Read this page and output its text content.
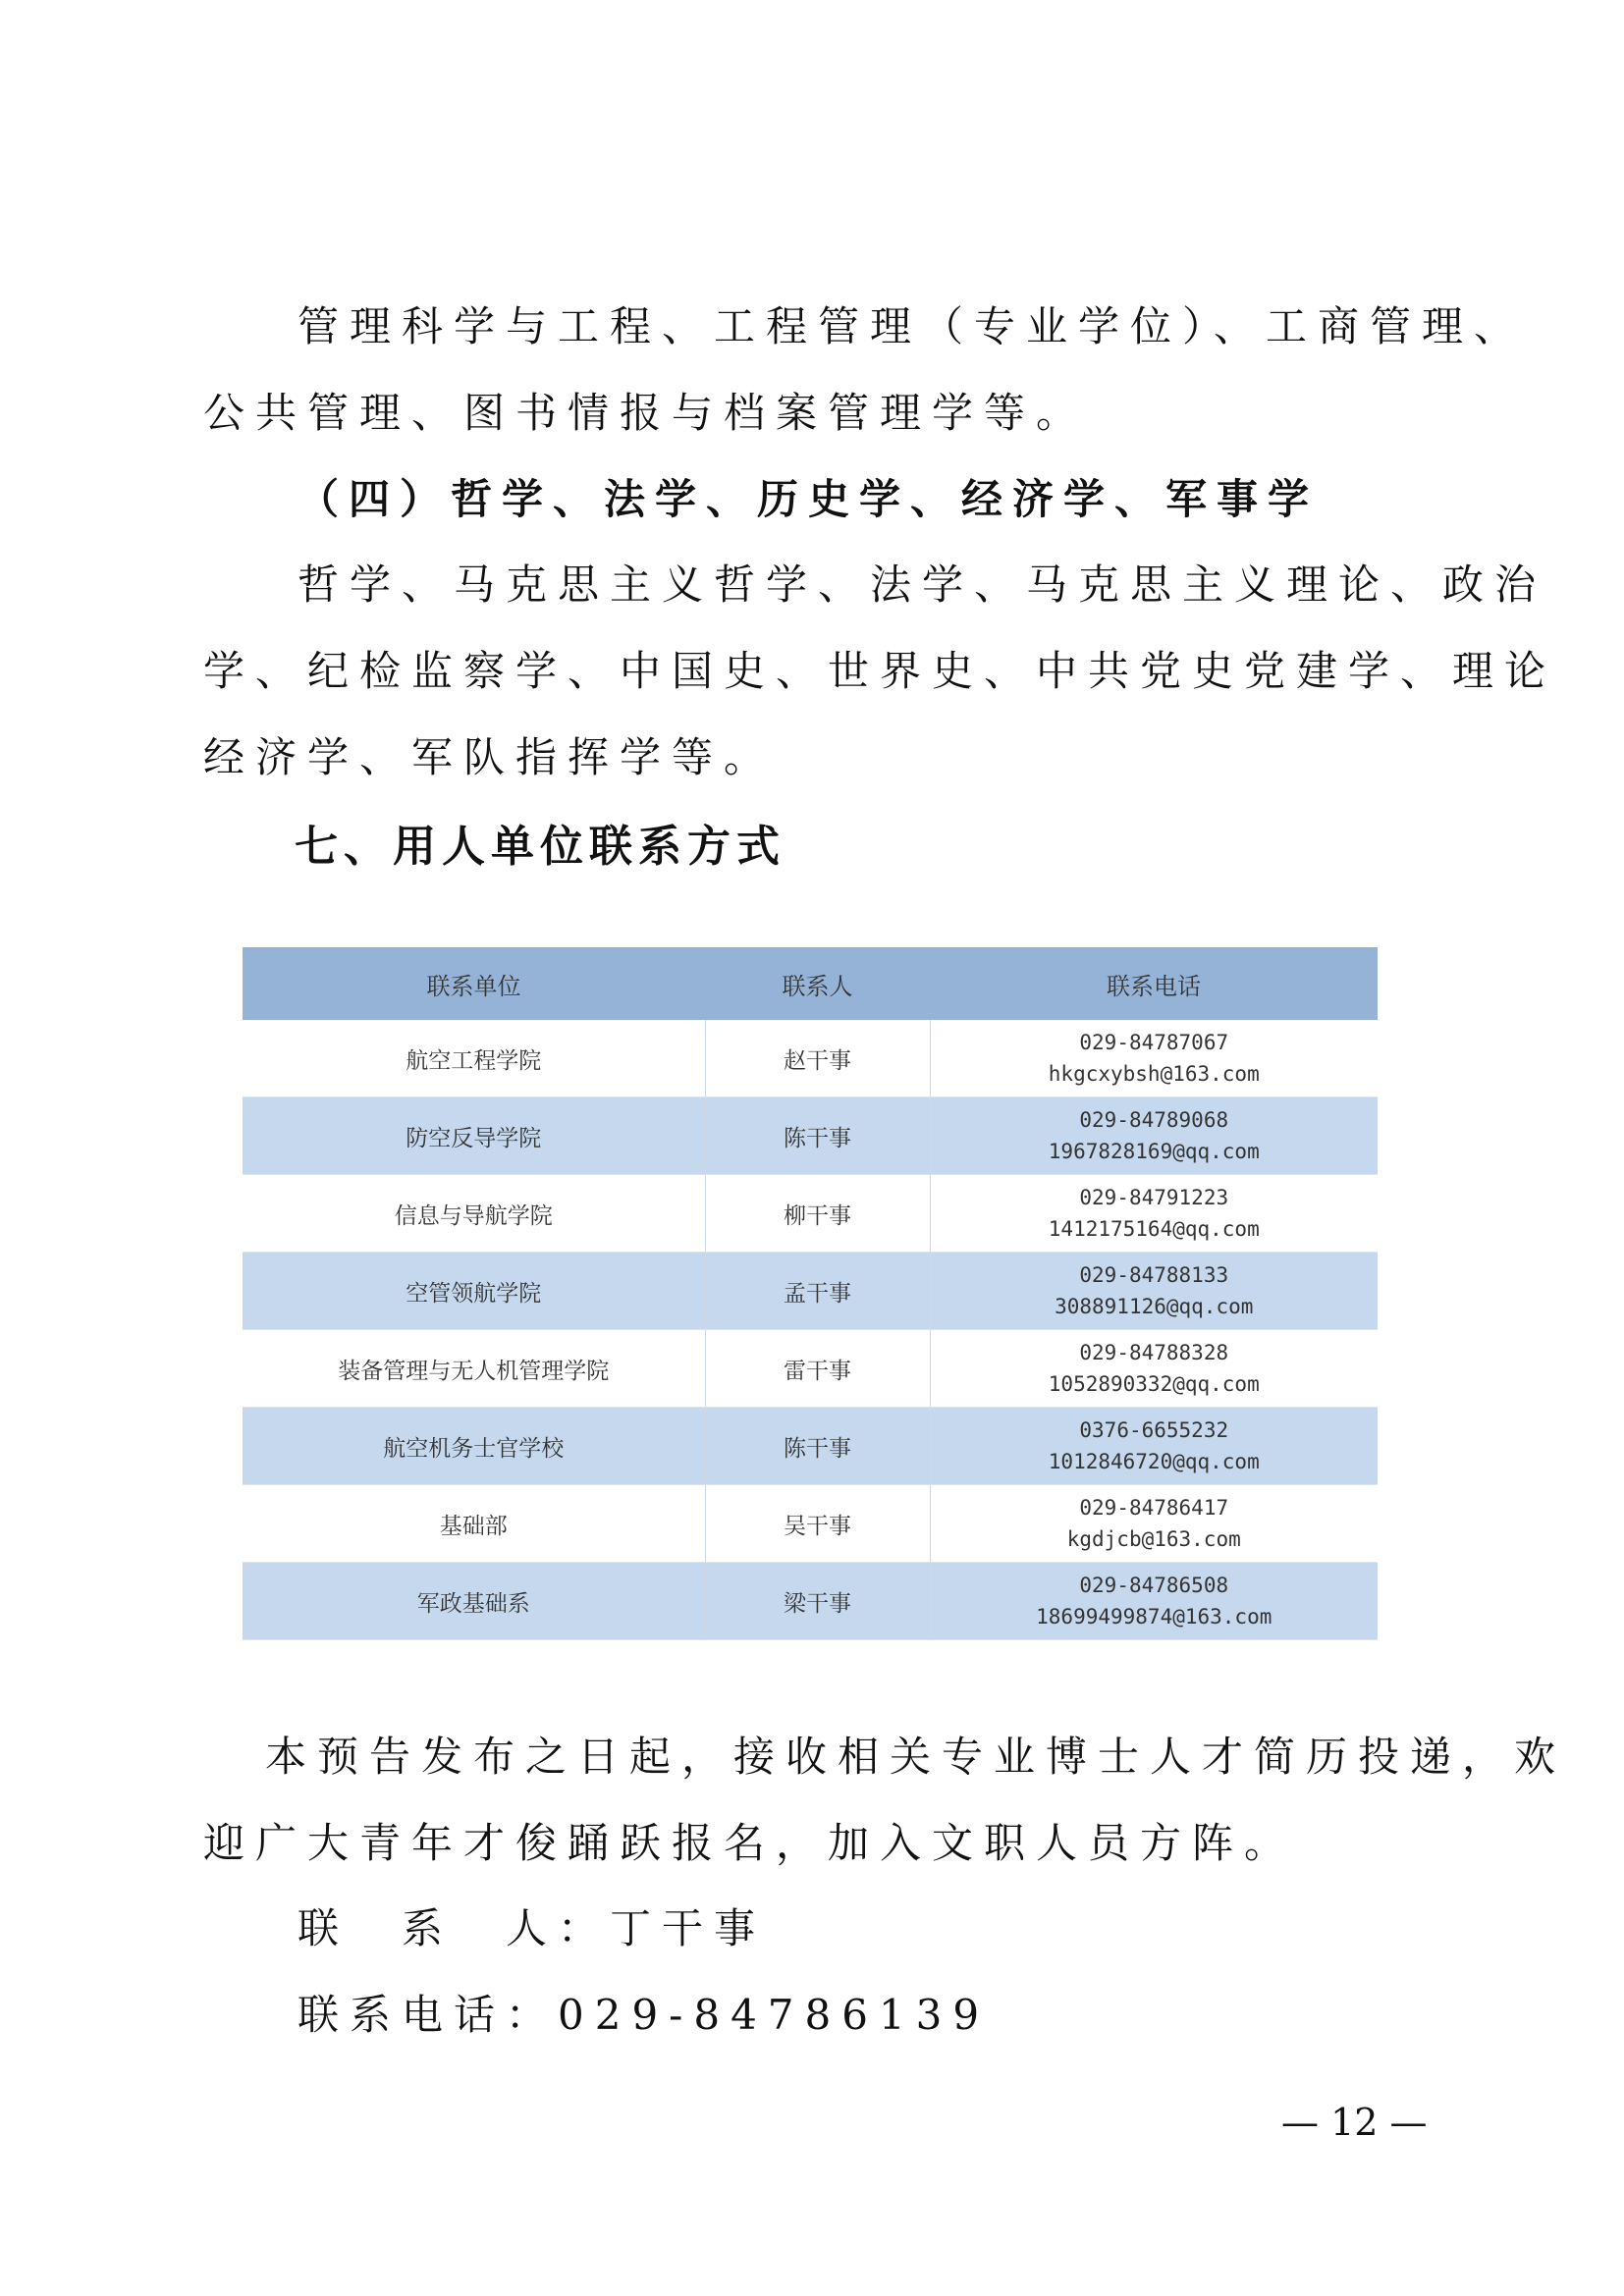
管理科学与工程、工程管理（专业学位）、工商管理、
公共管理、图书情报与档案管理学等。
（四）哲学、法学、历史学、经济学、军事学
哲学、马克思主义哲学、法学、马克思主义理论、政治
学、纪检监察学、中国史、世界史、中共党史党建学、理论
经济学、军队指挥学等。
七、用人单位联系方式
联系单位	联系人	联系电话
航空工程学院	赵干事	029-84787067
hkgcxybsh@163.com

防空反导学院	陈干事	029-84789068
1967828169@qq.com

信息与导航学院	柳干事	029-84791223
1412175164@qq.com

空管领航学院	孟干事	029-84788133
308891126@qq.com

装备管理与无人机管理学院	雷干事	029-84788328
1052890332@qq.com

航空机务士官学校	陈干事	0376-6655232
1012846720@qq.com

基础部	吴干事	029-84786417
kgdjcb@163.com

军政基础系	梁干事	029-84786508
18699499874@163.com
本预告发布之日起，接收相关专业博士人才简历投递，欢
迎广大青年才俊踊跃报名，加入文职人员方阵。
联　系　人：丁干事
联系电话：029-84786139
— 12 —
